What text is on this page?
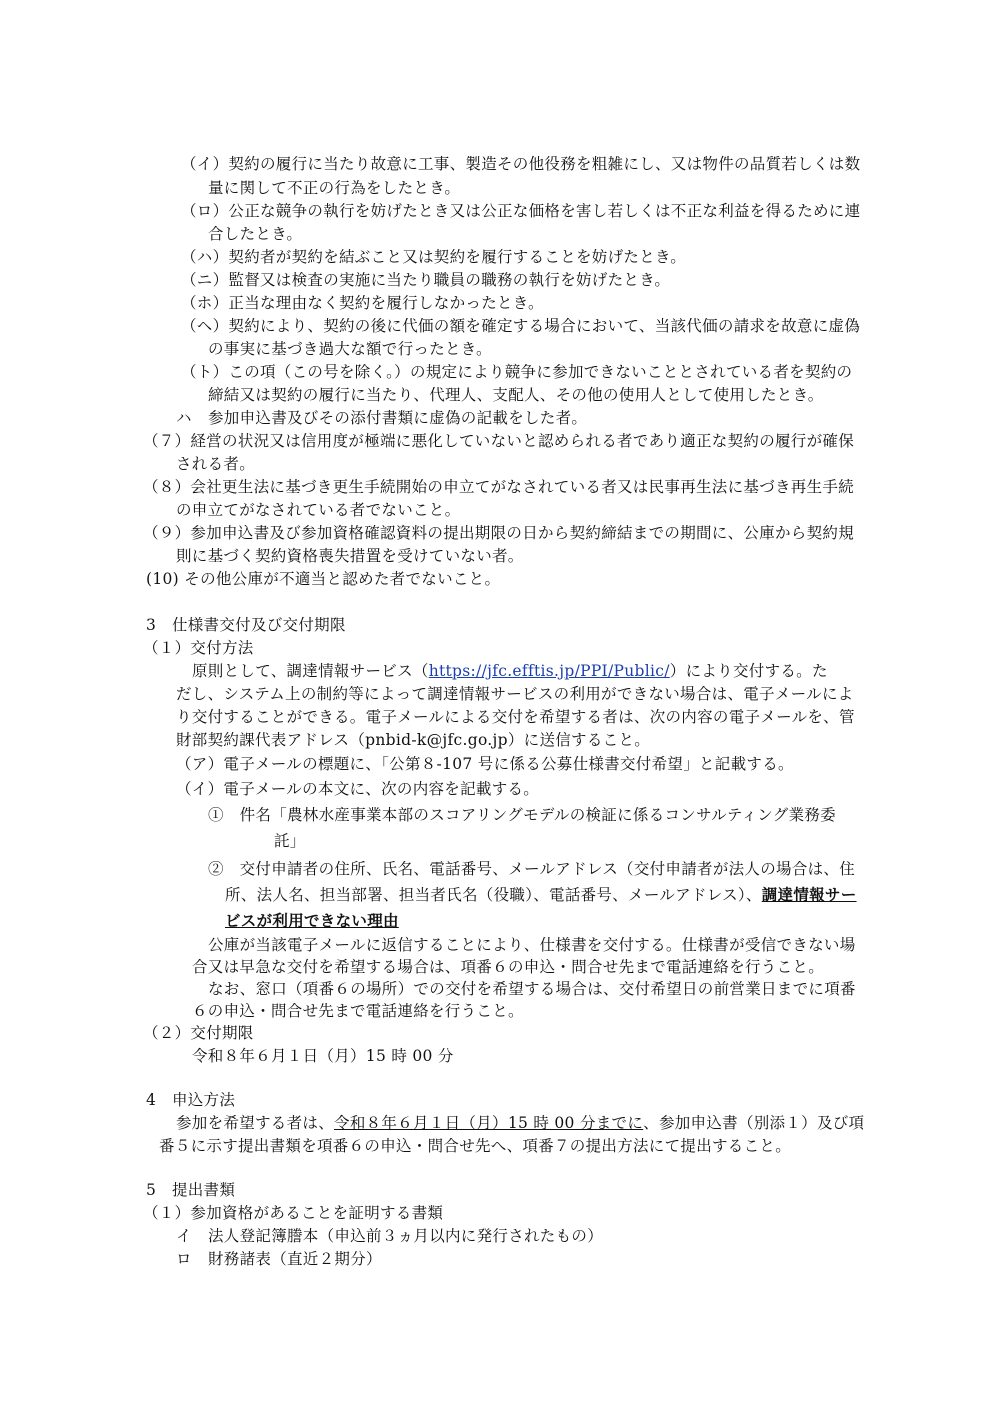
（イ）契約の履行に当たり故意に工事、製造その他役務を粗雑にし、又は物件の品質若しくは数
量に関して不正の行為をしたとき。
（ロ）公正な競争の執行を妨げたとき又は公正な価格を害し若しくは不正な利益を得るために連
合したとき。
（ハ）契約者が契約を結ぶこと又は契約を履行することを妨げたとき。
（ニ）監督又は検査の実施に当たり職員の職務の執行を妨げたとき。
（ホ）正当な理由なく契約を履行しなかったとき。
（ヘ）契約により、契約の後に代価の額を確定する場合において、当該代価の請求を故意に虚偽
の事実に基づき過大な額で行ったとき。
（ト）この項（この号を除く。）の規定により競争に参加できないこととされている者を契約の
締結又は契約の履行に当たり、代理人、支配人、その他の使用人として使用したとき。
ハ 参加申込書及びその添付書類に虚偽の記載をした者。
（７）経営の状況又は信用度が極端に悪化していないと認められる者であり適正な契約の履行が確保
される者。
（８）会社更生法に基づき更生手続開始の申立てがなされている者又は民事再生法に基づき再生手続
の申立てがなされている者でないこと。
（９）参加申込書及び参加資格確認資料の提出期限の日から契約締結までの期間に、公庫から契約規
則に基づく契約資格喪失措置を受けていない者。
(10) その他公庫が不適当と認めた者でないこと。
3　仕様書交付及び交付期限
（１）交付方法
原則として、調達情報サービス（https://jfc.efftis.jp/PPI/Public/）により交付する。た
だし、システム上の制約等によって調達情報サービスの利用ができない場合は、電子メールによ
り交付することができる。電子メールによる交付を希望する者は、次の内容の電子メールを、管
財部契約課代表アドレス（pnbid-k@jfc.go.jp）に送信すること。
（ア）電子メールの標題に、「公第８-107 号に係る公募仕様書交付希望」と記載する。
（イ）電子メールの本文に、次の内容を記載する。
①　件名「農林水産事業本部のスコアリングモデルの検証に係るコンサルティング業務委
託」
②　交付申請者の住所、氏名、電話番号、メールアドレス（交付申請者が法人の場合は、住
所、法人名、担当部署、担当者氏名（役職）、電話番号、メールアドレス）、調達情報サー
ビスが利用できない理由
公庫が当該電子メールに返信することにより、仕様書を交付する。仕様書が受信できない場
合又は早急な交付を希望する場合は、項番６の申込・問合せ先まで電話連絡を行うこと。
なお、窓口（項番６の場所）での交付を希望する場合は、交付希望日の前営業日までに項番
６の申込・問合せ先まで電話連絡を行うこと。
（２）交付期限
令和８年６月１日（月）15 時 00 分
4　申込方法
参加を希望する者は、令和８年６月１日（月）15 時 00 分までに、参加申込書（別添１）及び項
番５に示す提出書類を項番６の申込・問合せ先へ、項番７の提出方法にて提出すること。
5　提出書類
（１）参加資格があることを証明する書類
イ 法人登記簿謄本（申込前３ヵ月以内に発行されたもの）
ロ 財務諸表（直近２期分）
